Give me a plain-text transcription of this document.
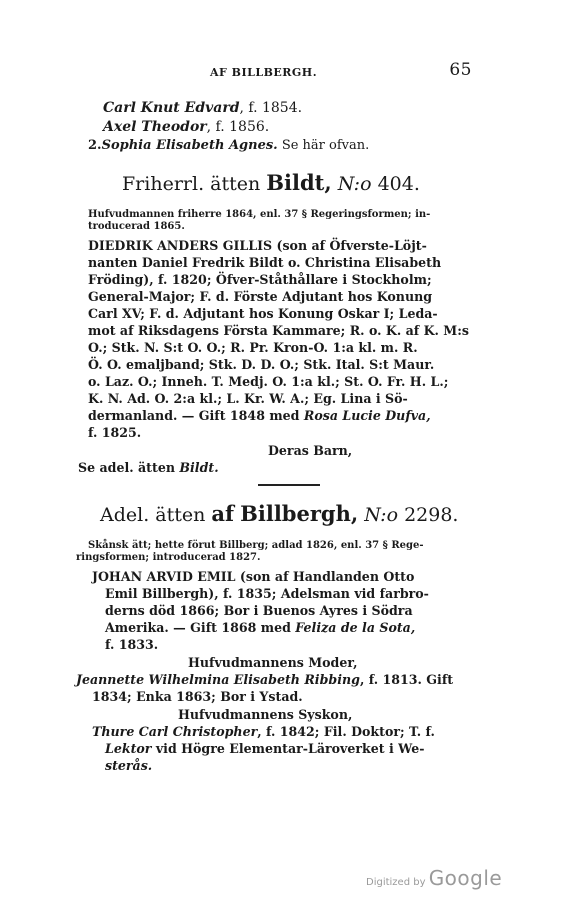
AF BILLBERGH.	65
Carl Knut Edvard, f. 1854.
Axel Theodor, f. 1856.
2.Sophia Elisabeth Agnes. Se här ofvan.
Friherrl. ätten Bildt, N:o 404.
Hufvudmannen friherre 1864, enl. 37 § Regeringsformen; in-
troducerad 1865.
DIEDRIK ANDERS GILLIS (son af Öfverste-Löjt-
nanten Daniel Fredrik Bildt o. Christina Elisabeth
Fröding), f. 1820; Öfver-Ståthållare i Stockholm;
General-Major; F. d. Förste Adjutant hos Konung
Carl XV; F. d. Adjutant hos Konung Oskar I; Leda-
mot af Riksdagens Första Kammare; R. o. K. af K. M:s
O.; Stk. N. S:t O. O.; R. Pr. Kron-O. 1:a kl. m. R.
Ö. O. emaljband; Stk. D. D. O.; Stk. Ital. S:t Maur.
o. Laz. O.; Inneh. T. Medj. O. 1:a kl.; St. O. Fr. H. L.;
K. N. Ad. O. 2:a kl.; L. Kr. W. A.; Eg. Lina i Sö-
dermanland. — Gift 1848 med Rosa Lucie Dufva,
f. 1825.
Deras Barn,
Se adel. ätten Bildt.
Adel. ätten af Billbergh, N:o 2298.
Skånsk ätt; hette förut Billberg; adlad 1826, enl. 37 § Rege-
ringsformen; introducerad 1827.
JOHAN ARVID EMIL (son af Handlanden Otto
Emil Billbergh), f. 1835; Adelsman vid farbro-
derns död 1866; Bor i Buenos Ayres i Södra
Amerika. — Gift 1868 med Feliza de la Sota,
f. 1833.
Hufvudmannens Moder,
Jeannette Wilhelmina Elisabeth Ribbing, f. 1813. Gift
1834; Enka 1863; Bor i Ystad.
Hufvudmannens Syskon,
Thure Carl Christopher, f. 1842; Fil. Doktor; T. f.
Lektor vid Högre Elementar-Läroverket i We-
sterås.
Digitized by Google
